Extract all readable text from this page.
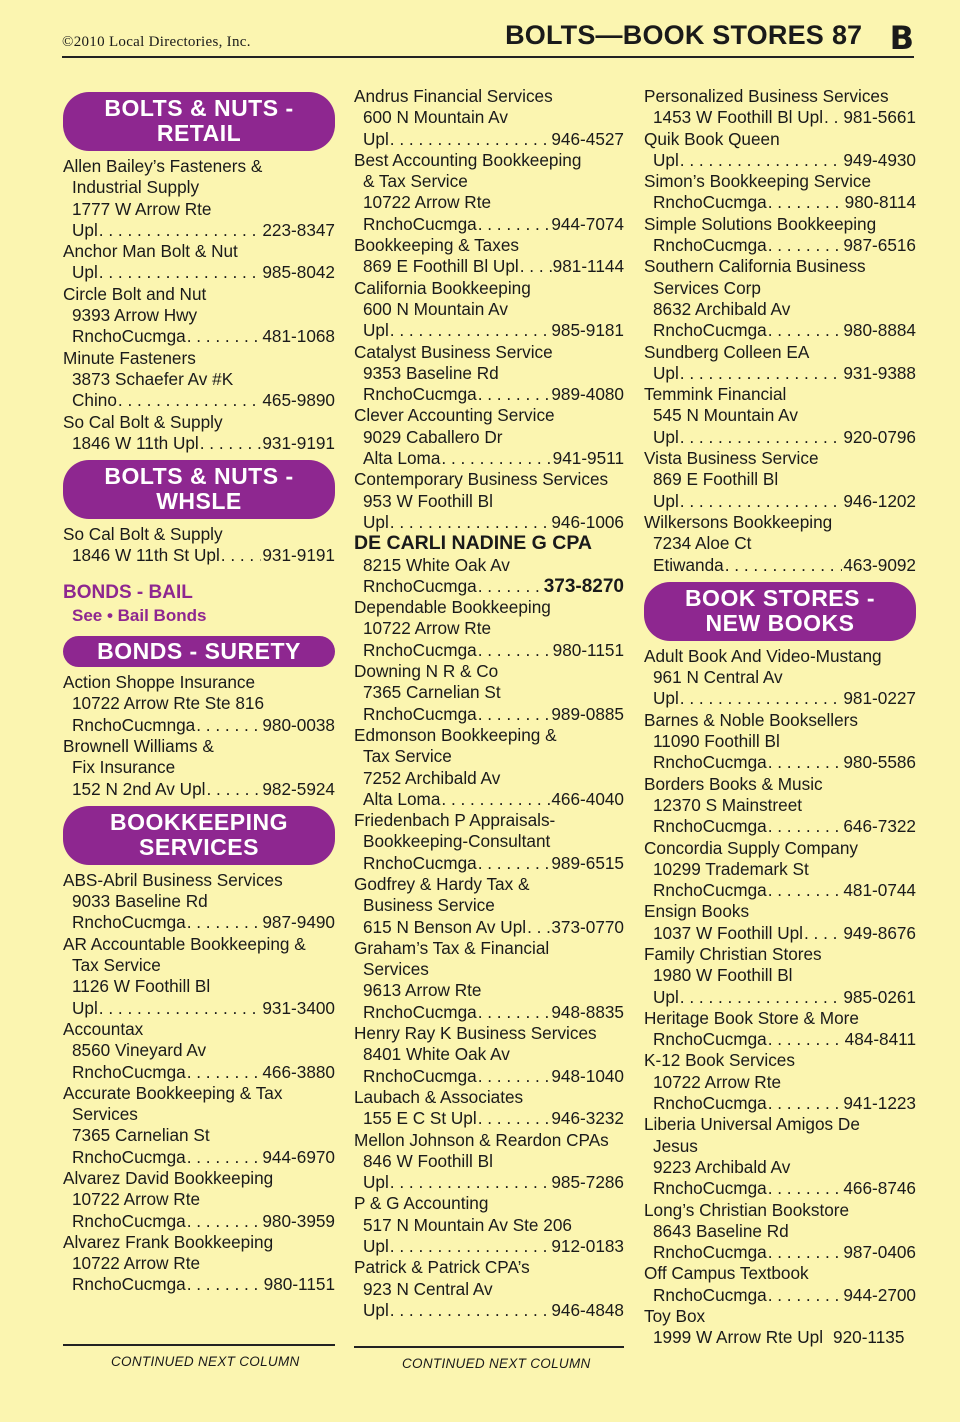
©2010 Local Directories, Inc.	BOLTS—BOOK STORES 87 B
BOLTS & NUTS -
RETAIL
Allen Bailey’s Fasteners &
Industrial Supply
1777 W Arrow Rte
Upl . . .	223-8347
Anchor Man Bolt & Nut
Upl . . .	985-8042
Circle Bolt and Nut
9393 Arrow Hwy
RnchoCucmga . . .	481-1068
Minute Fasteners
3873 Schaefer Av #K
Chino . . .	465-9890
So Cal Bolt & Supply
1846 W 11th Upl . . .	931-9191
BOLTS & NUTS -
WHSLE
So Cal Bolt & Supply
1846 W 11th St Upl . . . 931-9191
BONDS - BAIL
See • Bail Bonds
BONDS - SURETY
Action Shoppe Insurance
10722 Arrow Rte Ste 816
RnchoCucmnga . . .	980-0038
Brownell Williams &
Fix Insurance
152 N 2nd Av Upl . . .	982-5924
BOOKKEEPING
SERVICES
ABS-Abril Business Services
9033 Baseline Rd
RnchoCucmga . . .	987-9490
AR Accountable Bookkeeping &
Tax Service
1126 W Foothill Bl
Upl . . .	931-3400
Accountax
8560 Vineyard Av
RnchoCucmga . . .	466-3880
Accurate Bookkeeping & Tax
Services
7365 Carnelian St
RnchoCucmga . . .	944-6970
Alvarez David Bookkeeping
10722 Arrow Rte
RnchoCucmga . . .	980-3959
Alvarez Frank Bookkeeping
10722 Arrow Rte
RnchoCucmga . . .	980-1151
Andrus Financial Services
600 N Mountain Av
Upl . . .	946-4527
Best Accounting Bookkeeping
& Tax Service
10722 Arrow Rte
RnchoCucmga . . .	944-7074
Bookkeeping & Taxes
869 E Foothill Bl Upl . . . 981-1144
California Bookkeeping
600 N Mountain Av
Upl . . .	985-9181
Catalyst Business Service
9353 Baseline Rd
RnchoCucmga . . .	989-4080
Clever Accounting Service
9029 Caballero Dr
Alta Loma . . .	941-9511
Contemporary Business Services
953 W Foothill Bl
Upl . . .	946-1006
DE CARLI NADINE G CPA
8215 White Oak Av
RnchoCucmga . . .	373-8270
Dependable Bookkeeping
10722 Arrow Rte
RnchoCucmga . . .	980-1151
Downing N R & Co
7365 Carnelian St
RnchoCucmga . . .	989-0885
Edmonson Bookkeeping &
Tax Service
7252 Archibald Av
Alta Loma . . .	466-4040
Friedenbach P Appraisals-
Bookkeeping-Consultant
RnchoCucmga . . .	989-6515
Godfrey & Hardy Tax &
Business Service
615 N Benson Av Upl . . . 373-0770
Graham’s Tax & Financial
Services
9613 Arrow Rte
RnchoCucmga . . .	948-8835
Henry Ray K Business Services
8401 White Oak Av
RnchoCucmga . . .	948-1040
Laubach & Associates
155 E C St Upl . . .	946-3232
Mellon Johnson & Reardon CPAs
846 W Foothill Bl
Upl . . .	985-7286
P & G Accounting
517 N Mountain Av Ste 206
Upl . . .	912-0183
Patrick & Patrick CPA’s
923 N Central Av
Upl . . .	946-4848
Personalized Business Services
1453 W Foothill Bl Upl . . . 981-5661
Quik Book Queen
Upl . . .	949-4930
Simon’s Bookkeeping Service
RnchoCucmga . . .	980-8114
Simple Solutions Bookkeeping
RnchoCucmga . . .	987-6516
Southern California Business
Services Corp
8632 Archibald Av
RnchoCucmga . . .	980-8884
Sundberg Colleen EA
Upl . . .	931-9388
Temmink Financial
545 N Mountain Av
Upl . . .	920-0796
Vista Business Service
869 E Foothill Bl
Upl . . .	946-1202
Wilkersons Bookkeeping
7234 Aloe Ct
Etiwanda . . .	463-9092
BOOK STORES -
NEW BOOKS
Adult Book And Video-Mustang
961 N Central Av
Upl . . .	981-0227
Barnes & Noble Booksellers
11090 Foothill Bl
RnchoCucmga . . .	980-5586
Borders Books & Music
12370 S Mainstreet
RnchoCucmga . . .	646-7322
Concordia Supply Company
10299 Trademark St
RnchoCucmga . . .	481-0744
Ensign Books
1037 W Foothill Upl . . . 949-8676
Family Christian Stores
1980 W Foothill Bl
Upl . . .	985-0261
Heritage Book Store & More
RnchoCucmga . . .	484-8411
K-12 Book Services
10722 Arrow Rte
RnchoCucmga . . .	941-1223
Liberia Universal Amigos De
Jesus
9223 Archibald Av
RnchoCucmga . . .	466-8746
Long’s Christian Bookstore
8643 Baseline Rd
RnchoCucmga . . .	987-0406
Off Campus Textbook
RnchoCucmga . . .	944-2700
Toy Box
1999 W Arrow Rte Upl 920-1135
CONTINUED NEXT COLUMN	CONTINUED NEXT COLUMN
